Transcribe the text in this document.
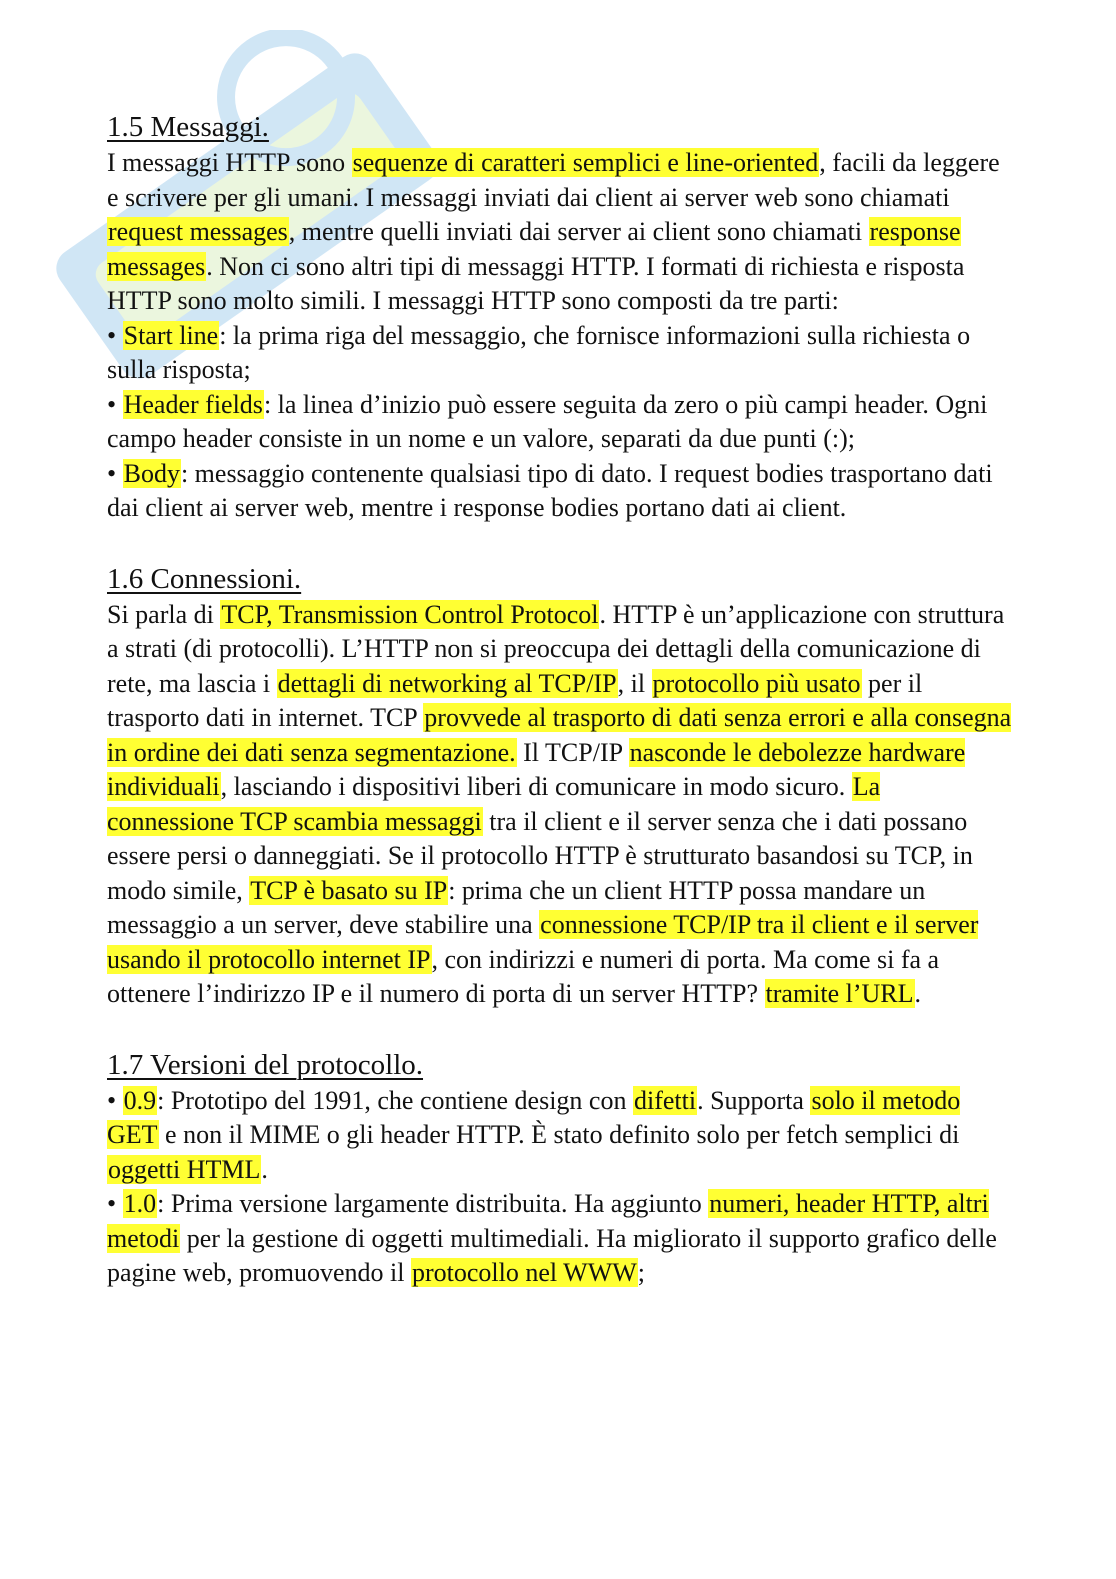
1.5 Messaggi.

I messaggi HTTP sono sequenze di caratteri semplici e line-oriented, facili da leggere e scrivere per gli umani. I messaggi inviati dai client ai server web sono chiamati request messages, mentre quelli inviati dai server ai client sono chiamati response messages. Non ci sono altri tipi di messaggi HTTP. I formati di richiesta e risposta HTTP sono molto simili. I messaggi HTTP sono composti da tre parti:

• Start line: la prima riga del messaggio, che fornisce informazioni sulla richiesta o sulla risposta;

• Header fields: la linea d’inizio può essere seguita da zero o più campi header. Ogni campo header consiste in un nome e un valore, separati da due punti (:);

• Body: messaggio contenente qualsiasi tipo di dato. I request bodies trasportano dati dai client ai server web, mentre i response bodies portano dati ai client.

1.6 Connessioni.

Si parla di TCP, Transmission Control Protocol. HTTP è un’applicazione con struttura a strati (di protocolli). L’HTTP non si preoccupa dei dettagli della comunicazione di rete, ma lascia i dettagli di networking al TCP/IP, il protocollo più usato per il trasporto dati in internet. TCP provvede al trasporto di dati senza errori e alla consegna in ordine dei dati senza segmentazione. Il TCP/IP nasconde le debolezze hardware individuali, lasciando i dispositivi liberi di comunicare in modo sicuro. La connessione TCP scambia messaggi tra il client e il server senza che i dati possano essere persi o danneggiati. Se il protocollo HTTP è strutturato basandosi su TCP, in modo simile, TCP è basato su IP: prima che un client HTTP possa mandare un messaggio a un server, deve stabilire una connessione TCP/IP tra il client e il server usando il protocollo internet IP, con indirizzi e numeri di porta. Ma come si fa a ottenere l’indirizzo IP e il numero di porta di un server HTTP? tramite l’URL.

1.7 Versioni del protocollo.

• 0.9: Prototipo del 1991, che contiene design con difetti. Supporta solo il metodo GET e non il MIME o gli header HTTP. È stato definito solo per fetch semplici di oggetti HTML.

• 1.0: Prima versione largamente distribuita. Ha aggiunto numeri, header HTTP, altri metodi per la gestione di oggetti multimediali. Ha migliorato il supporto grafico delle pagine web, promuovendo il protocollo nel WWW;
